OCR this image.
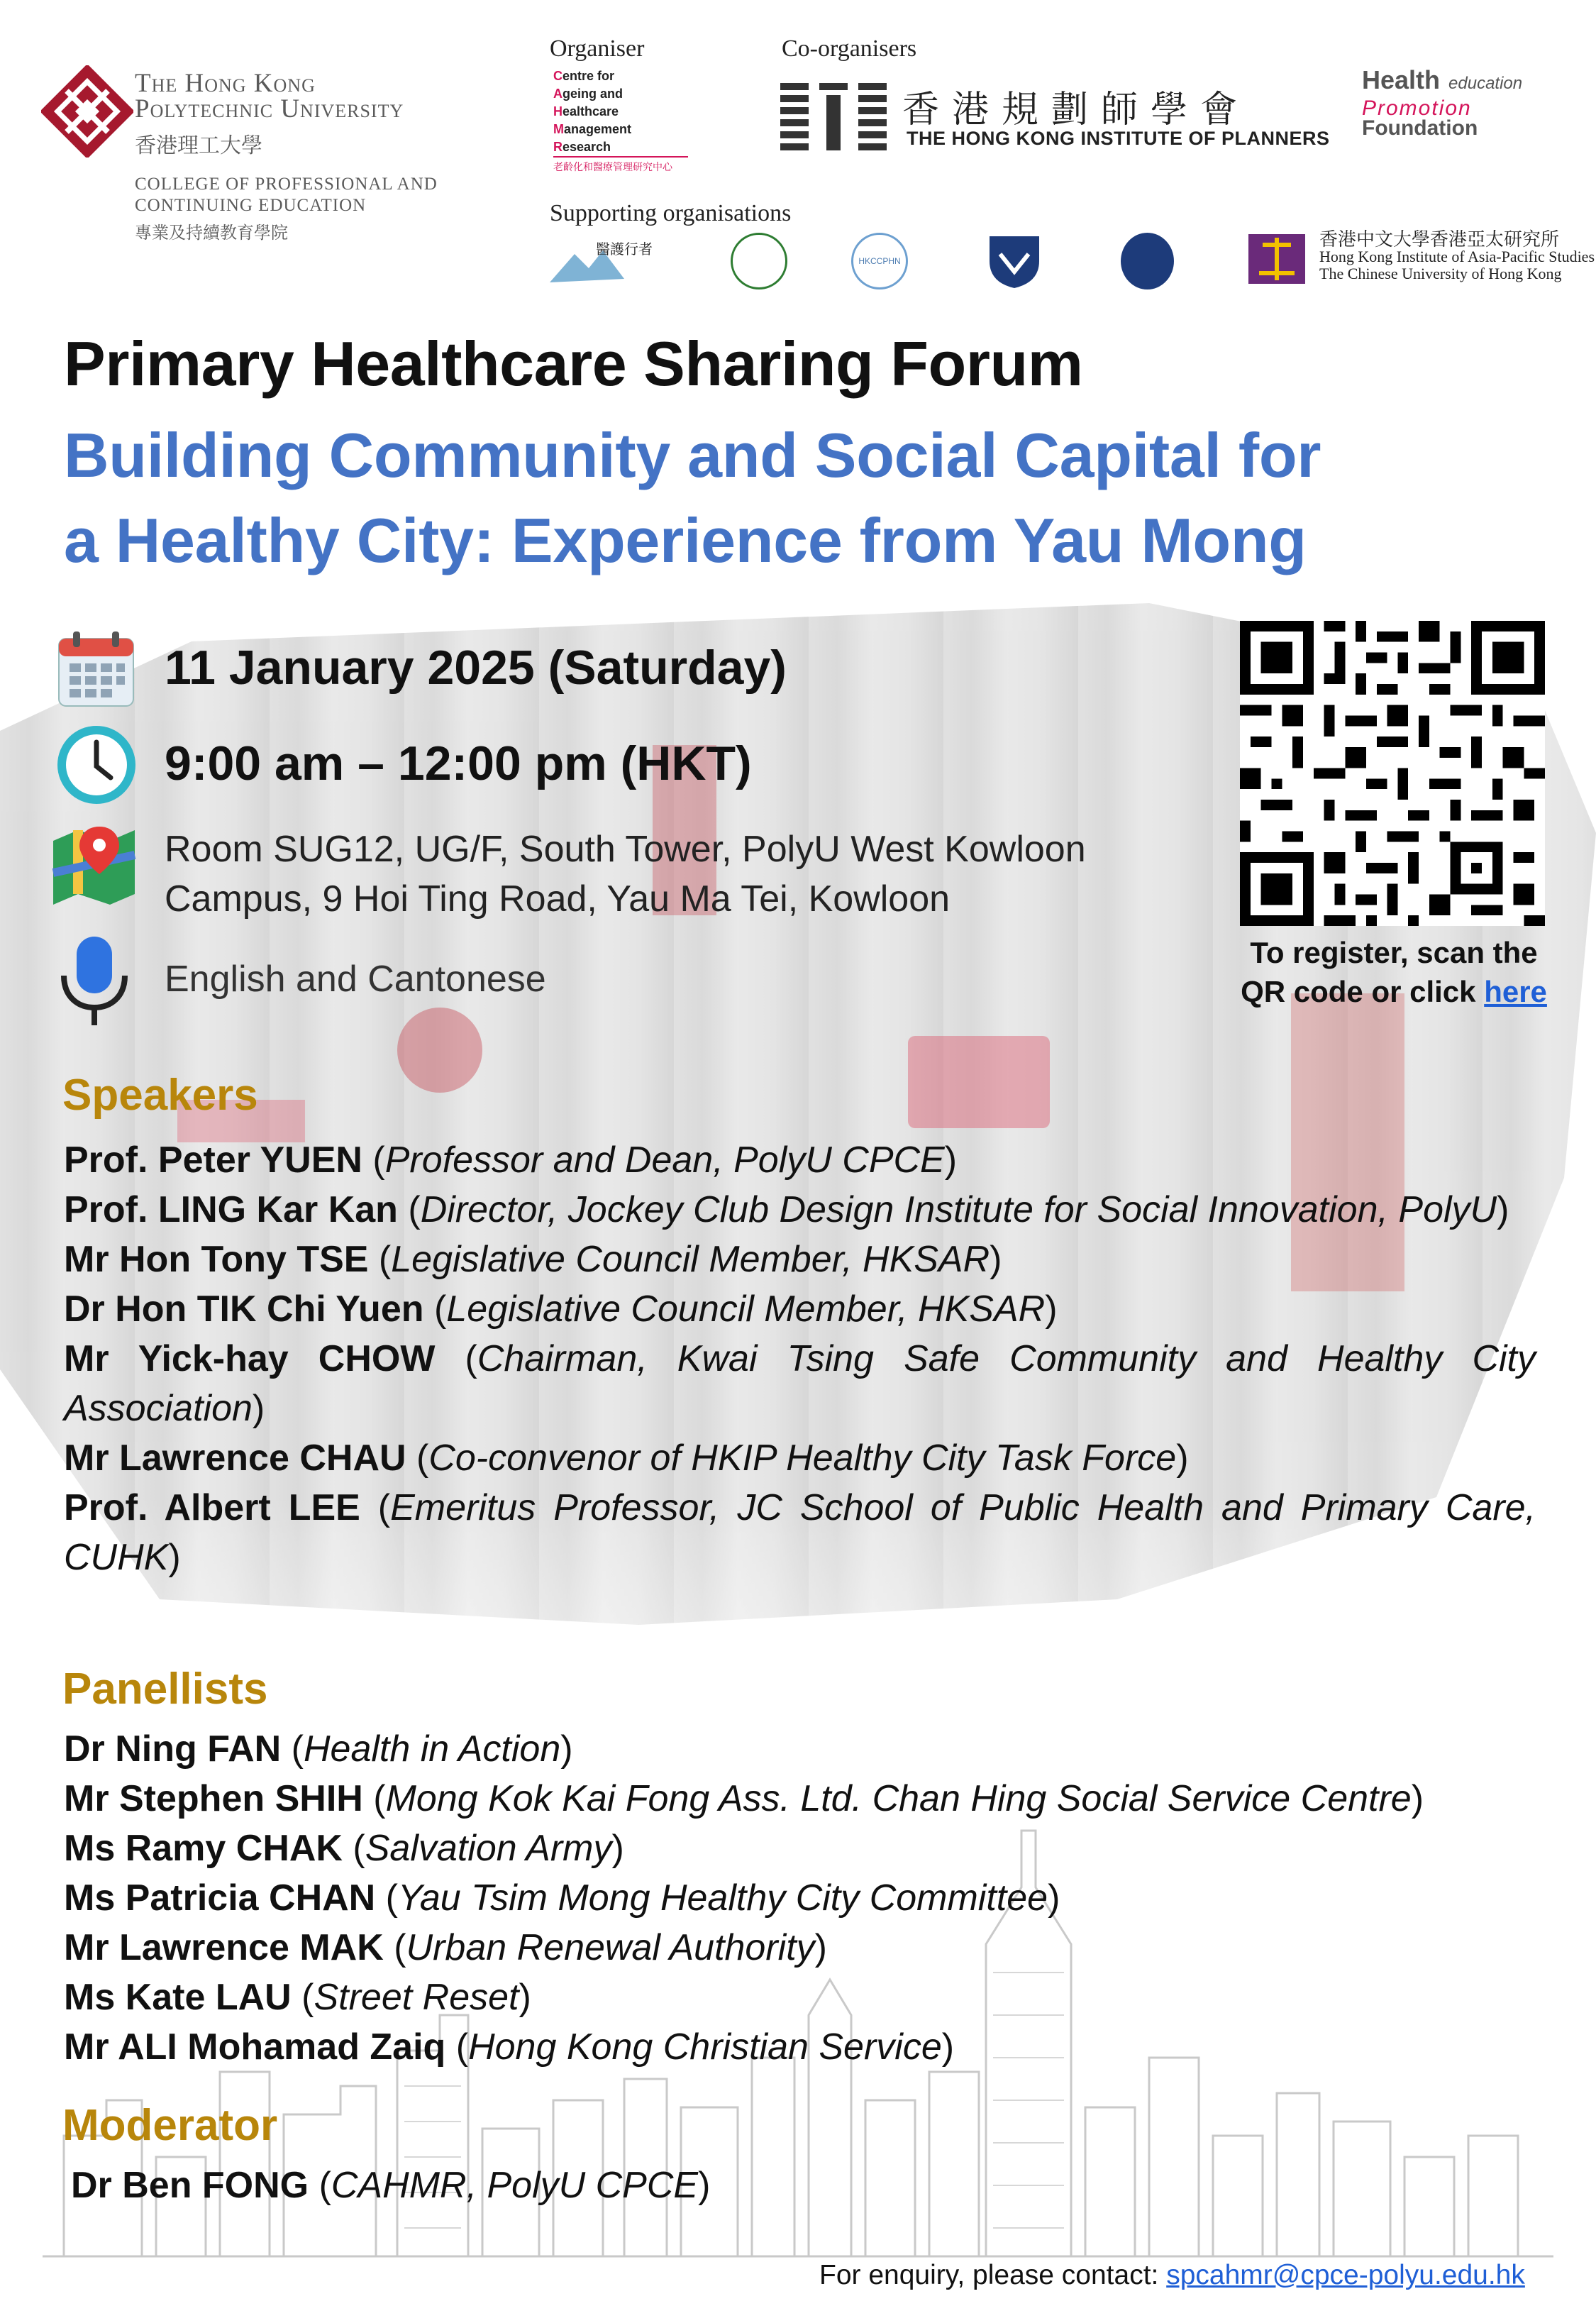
The Hong Kong
Polytechnic University
香港理工大學
COLLEGE OF PROFESSIONAL AND
CONTINUING EDUCATION
專業及持續教育學院
Organiser
Centre for
Ageing and
Healthcare
Management
Research
老齡化和醫療管理研究中心
Co-organisers
香港規劃師學會
THE HONG KONG INSTITUTE OF PLANNERS
Health education
Promotion
Foundation
Supporting organisations
醫護行者
HKCCPHN
香港中文大學香港亞太研究所
Hong Kong Institute of Asia-Pacific Studies
The Chinese University of Hong Kong
Primary Healthcare Sharing Forum
Building Community and Social Capital for
a Healthy City: Experience from Yau Mong
11 January 2025 (Saturday)
9:00 am – 12:00 pm (HKT)
Room SUG12, UG/F, South Tower, PolyU West Kowloon
Campus, 9 Hoi Ting Road, Yau Ma Tei, Kowloon
English and Cantonese
To register, scan the
QR code or click here
Speakers

Prof. Peter YUEN (Professor and Dean, PolyU CPCE)

Prof. LING Kar Kan (Director, Jockey Club Design Institute for Social Innovation, PolyU)

Mr Hon Tony TSE (Legislative Council Member, HKSAR)

Dr Hon TIK Chi Yuen (Legislative Council Member, HKSAR)

Mr Yick-hay CHOW (Chairman, Kwai Tsing Safe Community and Healthy City Association)

Mr Lawrence CHAU (Co-convenor of HKIP Healthy City Task Force)

Prof. Albert LEE (Emeritus Professor, JC School of Public Health and Primary Care, CUHK)

Panellists

Dr Ning FAN (Health in Action)

Mr Stephen SHIH (Mong Kok Kai Fong Ass. Ltd. Chan Hing Social Service Centre)

Ms Ramy CHAK (Salvation Army)

Ms Patricia CHAN (Yau Tsim Mong Healthy City Committee)

Mr Lawrence MAK (Urban Renewal Authority)

Ms Kate LAU (Street Reset)

Mr ALI Mohamad Zaiq (Hong Kong Christian Service)

Moderator

Dr Ben FONG (CAHMR, PolyU CPCE)

For enquiry, please contact: spcahmr@cpce-polyu.edu.hk
